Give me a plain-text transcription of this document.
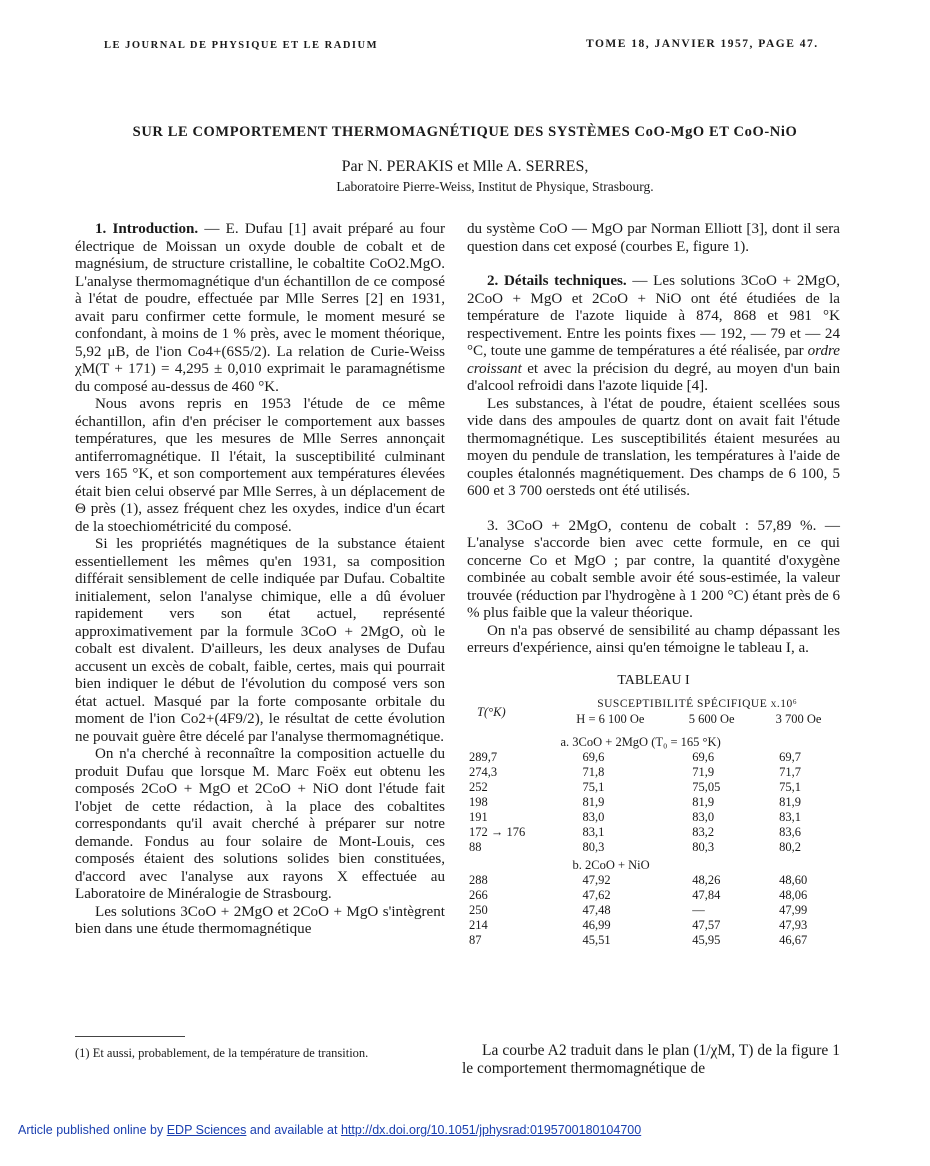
LE JOURNAL DE PHYSIQUE ET LE RADIUM	TOME 18, JANVIER 1957, PAGE 47.
SUR LE COMPORTEMENT THERMOMAGNÉTIQUE DES SYSTÈMES CoO-MgO ET CoO-NiO
Par N. PERAKIS et Mlle A. SERRES,
Laboratoire Pierre-Weiss, Institut de Physique, Strasbourg.

1. Introduction. — E. Dufau [1] avait préparé au four électrique de Moissan un oxyde double de cobalt et de magnésium, de structure cristalline, le cobaltite CoO2.MgO. L'analyse thermomagnétique d'un échantillon de ce composé à l'état de poudre, effectuée par Mlle Serres [2] en 1931, avait paru confirmer cette formule, le moment mesuré se confondant, à moins de 1 % près, avec le moment théorique, 5,92 μB, de l'ion Co4+(6S5/2). La relation de Curie-Weiss χM(T + 171) = 4,295 ± 0,010 exprimait le paramagnétisme du composé au-dessus de 460 °K.

Nous avons repris en 1953 l'étude de ce même échantillon, afin d'en préciser le comportement aux basses températures, que les mesures de Mlle Serres annonçait antiferromagnétique. Il l'était, la susceptibilité culminant vers 165 °K, et son comportement aux températures élevées était bien celui observé par Mlle Serres, à un déplacement de Θ près (1), assez fréquent chez les oxydes, indice d'un écart de la stoechiométricité du composé.

Si les propriétés magnétiques de la substance étaient essentiellement les mêmes qu'en 1931, sa composition différait sensiblement de celle indiquée par Dufau. Cobaltite initialement, selon l'analyse chimique, elle a dû évoluer rapidement vers son état actuel, représenté approximativement par la formule 3CoO + 2MgO, où le cobalt est divalent. D'ailleurs, les deux analyses de Dufau accusent un excès de cobalt, faible, certes, mais qui pourrait bien indiquer le début de l'évolution du composé vers son état actuel. Masqué par la forte composante orbitale du moment de l'ion Co2+(4F9/2), le résultat de cette évolution ne pouvait guère être décelé par l'analyse thermomagnétique.

On n'a cherché à reconnaître la composition actuelle du produit Dufau que lorsque M. Marc Foëx eut obtenu les composés 2CoO + MgO et 2CoO + NiO dont l'étude fait l'objet de cette rédaction, à la place des cobaltites correspondants qu'il avait cherché à préparer sur notre demande. Fondus au four solaire de Mont-Louis, ces composés étaient des solutions solides bien constituées, d'accord avec l'analyse aux rayons X effectuée au Laboratoire de Minéralogie de Strasbourg.

Les solutions 3CoO + 2MgO et 2CoO + MgO s'intègrent bien dans une étude thermomagnétique

(1) Et aussi, probablement, de la température de transition.

du système CoO — MgO par Norman Elliott [3], dont il sera question dans cet exposé (courbes E, figure 1).

2. Détails techniques. — Les solutions 3CoO + 2MgO, 2CoO + MgO et 2CoO + NiO ont été étudiées de la température de l'azote liquide à 874, 868 et 981 °K respectivement. Entre les points fixes — 192, — 79 et — 24 °C, toute une gamme de températures a été réalisée, par ordre croissant et avec la précision du degré, au moyen d'un bain d'alcool refroidi dans l'azote liquide [4].

Les substances, à l'état de poudre, étaient scellées sous vide dans des ampoules de quartz dont on avait fait l'étude thermomagnétique. Les susceptibilités étaient mesurées au moyen du pendule de translation, les températures à l'aide de couples étalonnés magnétiquement. Des champs de 6 100, 5 600 et 3 700 oersteds ont été utilisés.

3. 3CoO + 2MgO, contenu de cobalt : 57,89 %. — L'analyse s'accorde bien avec cette formule, en ce qui concerne Co et MgO ; par contre, la quantité d'oxygène combinée au cobalt semble avoir été sous-estimée, la valeur trouvée (réduction par l'hydrogène à 1 200 °C) étant près de 6 % plus faible que la valeur théorique.

On n'a pas observé de sensibilité au champ dépassant les erreurs d'expérience, ainsi qu'en témoigne le tableau I, a.

TABLEAU I
T(°K)	SUSCEPTIBILITÉ SPÉCIFIQUE χ.10⁶		
	H = 6 100 Oe	5 600 Oe	3 700 Oe

	a. 3CoO + 2MgO (T₀ = 165 °K)		
289,7	69,6	69,6	69,7
274,3	71,8	71,9	71,7
252	75,1	75,05	75,1
198	81,9	81,9	81,9
191	83,0	83,0	83,1
172 → 176	83,1	83,2	83,6
88	80,3	80,3	80,2
	b. 2CoO + NiO		
288	47,92	48,26	48,60
266	47,62	47,84	48,06
250	47,48	—	47,99
214	46,99	47,57	47,93
87	45,51	45,95	46,67

La courbe A2 traduit dans le plan (1/χM, T) de la figure 1 le comportement thermomagnétique de

Article published online by EDP Sciences and available at http://dx.doi.org/10.1051/jphysrad:0195700180104700
